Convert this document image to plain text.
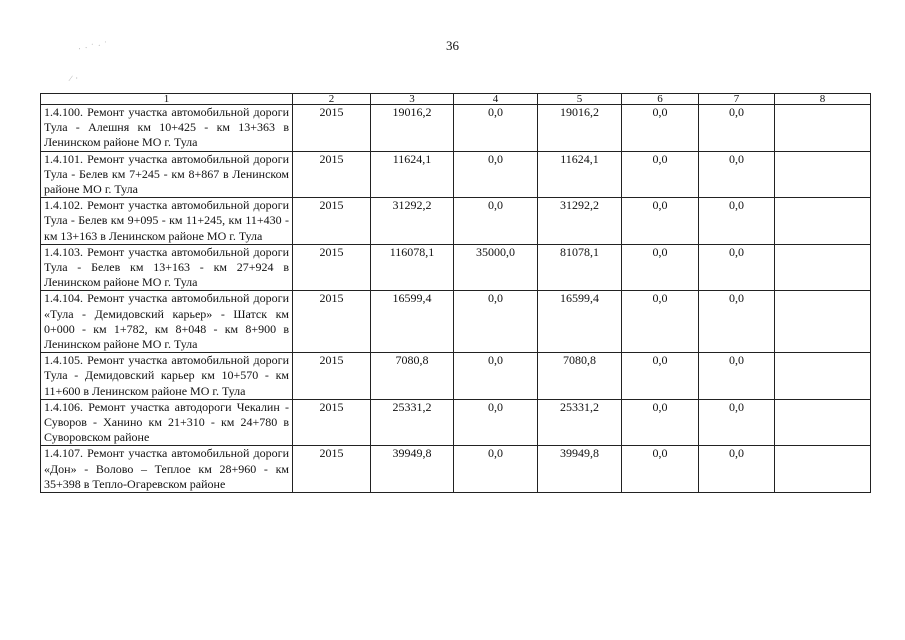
36
· · ˙ · ˙
∕ ·
1	2	3	4	5	6	7	8
1.4.100. Ремонт участка автомобильной дороги Тула - Алешня км 10+425 - км 13+363 в Ленинском районе МО г. Тула	2015	19016,2	0,0	19016,2	0,0	0,0	
1.4.101. Ремонт участка автомобильной дороги Тула - Белев км 7+245 - км 8+867 в Ленинском районе МО г. Тула	2015	11624,1	0,0	11624,1	0,0	0,0	
1.4.102. Ремонт участка автомобильной дороги Тула - Белев км 9+095 - км 11+245, км 11+430 - км 13+163 в Ленинском районе МО г. Тула	2015	31292,2	0,0	31292,2	0,0	0,0	
1.4.103. Ремонт участка автомобильной дороги Тула - Белев км 13+163 - км 27+924 в Ленинском районе МО г. Тула	2015	116078,1	35000,0	81078,1	0,0	0,0	
1.4.104. Ремонт участка автомобильной дороги «Тула - Демидовский карьер» - Шатск км 0+000 - км 1+782, км 8+048 - км 8+900 в Ленинском районе МО г. Тула	2015	16599,4	0,0	16599,4	0,0	0,0	
1.4.105. Ремонт участка автомобильной дороги Тула - Демидовский карьер км 10+570 - км 11+600 в Ленинском районе МО г. Тула	2015	7080,8	0,0	7080,8	0,0	0,0	
1.4.106. Ремонт участка автодороги Чекалин - Суворов - Ханино км 21+310 - км 24+780 в Суворовском районе	2015	25331,2	0,0	25331,2	0,0	0,0	
1.4.107. Ремонт участка автомобильной дороги «Дон» - Волово – Теплое км 28+960 - км 35+398 в Тепло-Огаревском районе	2015	39949,8	0,0	39949,8	0,0	0,0	
